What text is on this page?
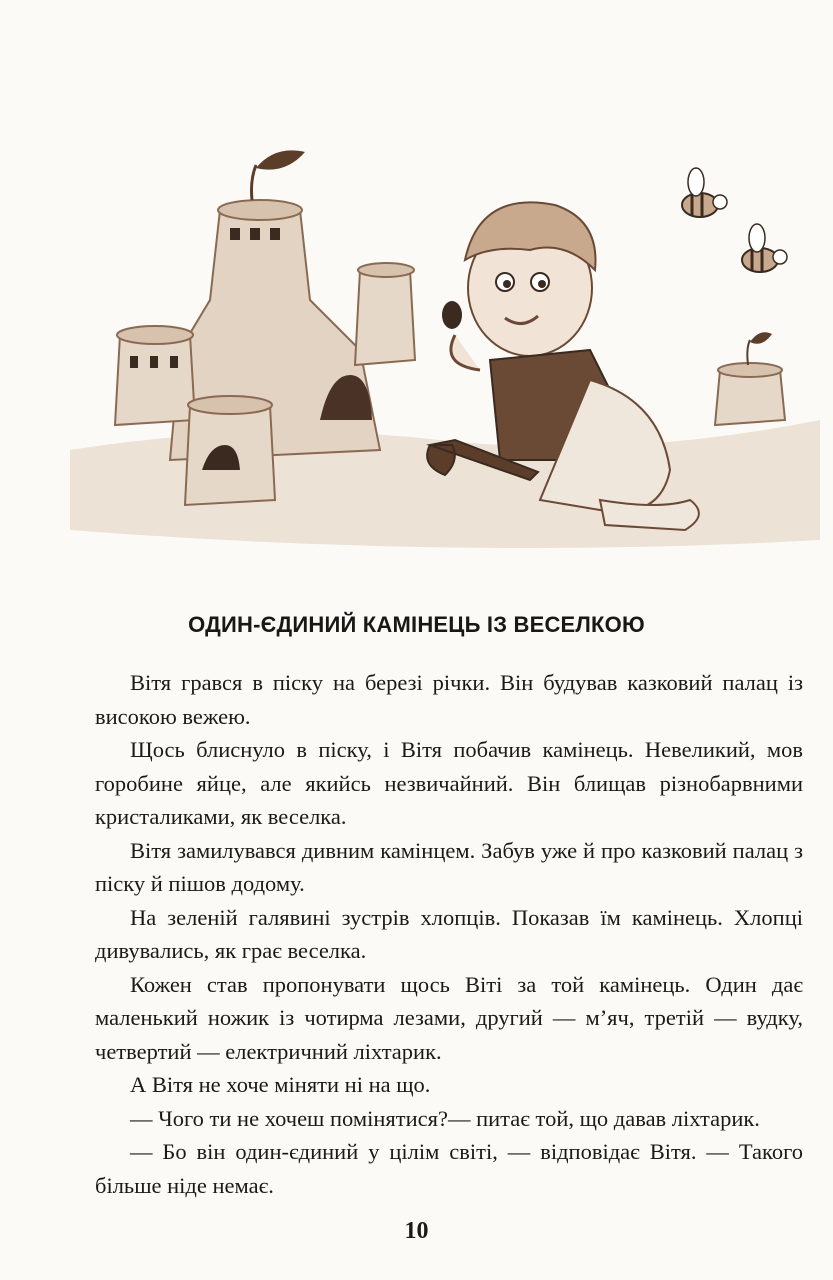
ОДИН-ЄДИНИЙ КАМІНЕЦЬ ІЗ ВЕСЕЛКОЮ

Вітя грався в піску на березі річки. Він будував казковий палац із високою вежею.

Щось блиснуло в піску, і Вітя побачив камінець. Невеликий, мов горобине яйце, але якийсь незвичайний. Він блищав різнобарвними кристаликами, як веселка.

Вітя замилувався дивним камінцем. Забув уже й про казковий палац з піску й пішов додому.

На зеленій галявині зустрів хлопців. Показав їм камінець. Хлопці дивувались, як грає веселка.

Кожен став пропонувати щось Віті за той камінець. Один дає маленький ножик із чотирма лезами, другий — м’яч, третій — вудку, четвертий — електричний ліхтарик.

А Вітя не хоче міняти ні на що.

— Чого ти не хочеш помінятися?— питає той, що давав ліхтарик.

— Бо він один-єдиний у цілім світі, — відповідає Вітя. — Такого більше ніде немає.

10
